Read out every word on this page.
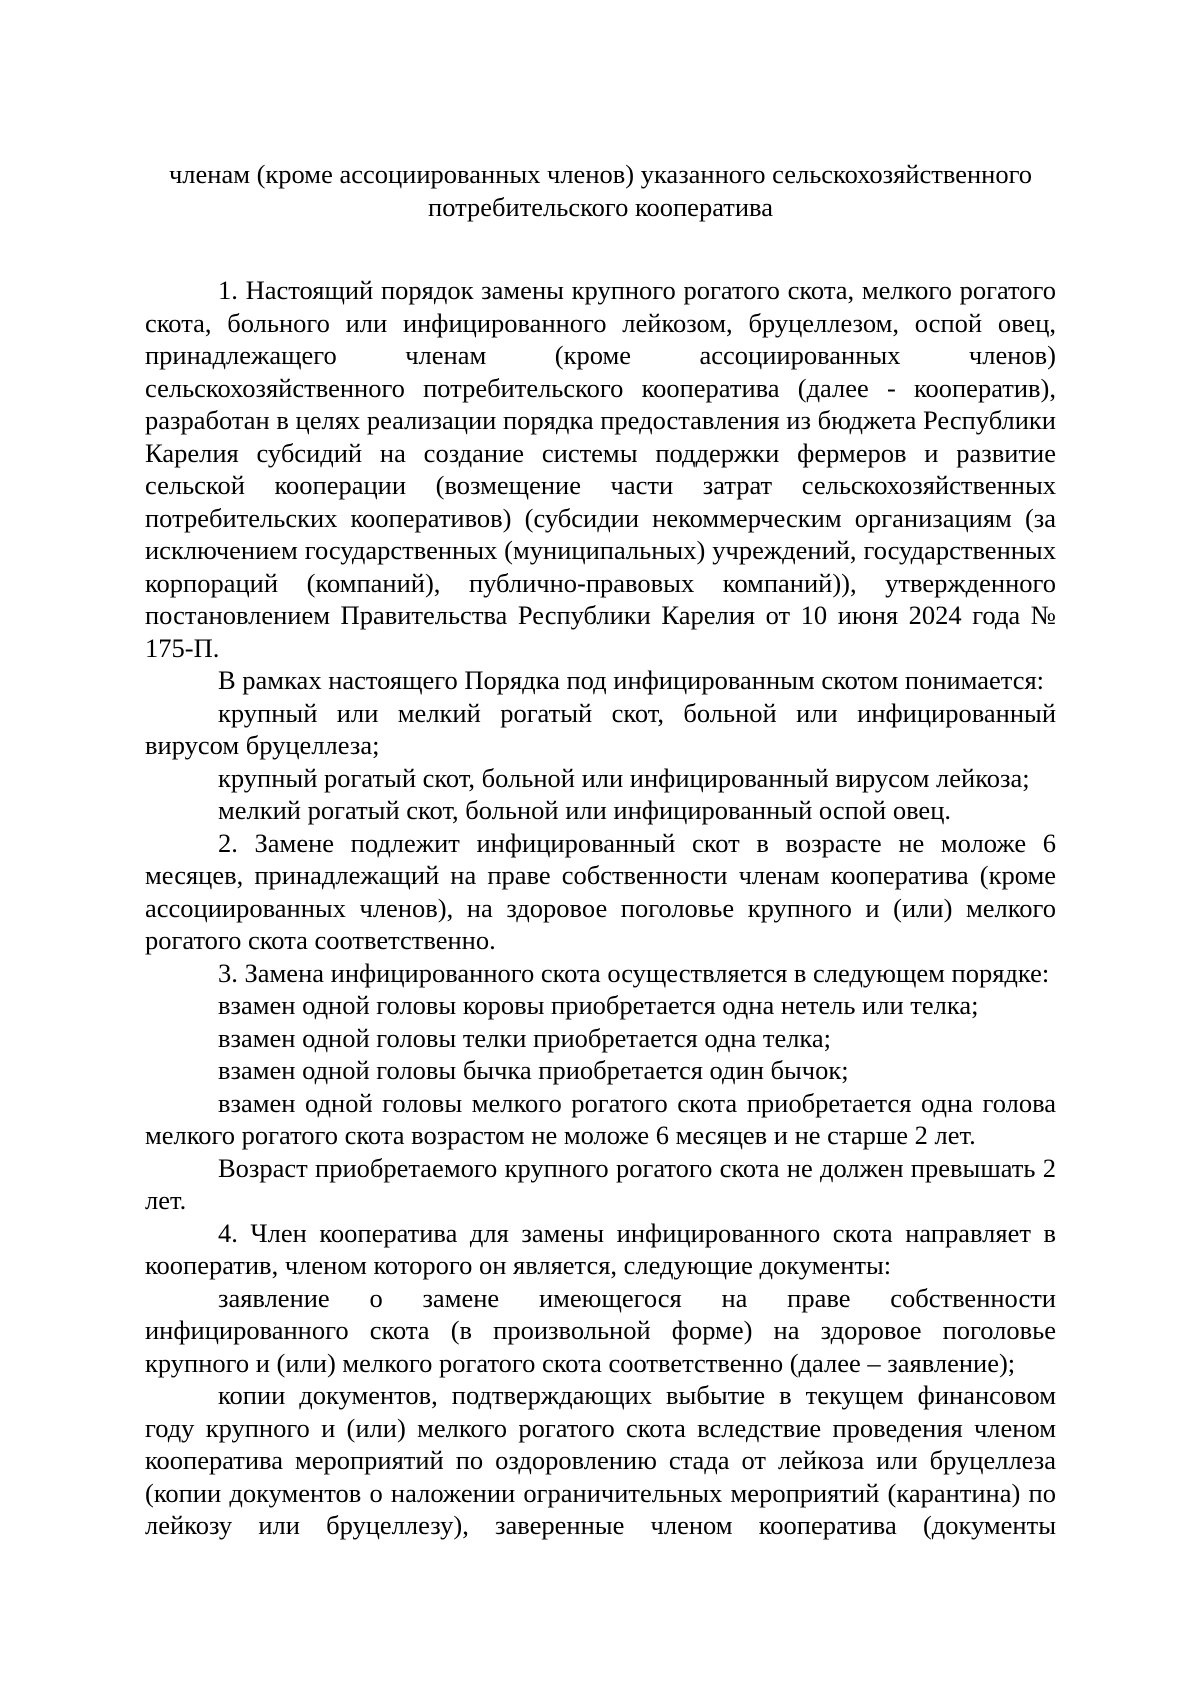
членам (кроме ассоциированных членов) указанного сельскохозяйственного
потребительского кооператива

1. Настоящий порядок замены крупного рогатого скота, мелкого рогатого скота, больного или инфицированного лейкозом, бруцеллезом, оспой овец, принадлежащего членам (кроме ассоциированных членов) сельскохозяйственного потребительского кооператива (далее - кооператив), разработан в целях реализации порядка предоставления из бюджета Республики Карелия субсидий на создание системы поддержки фермеров и развитие сельской кооперации (возмещение части затрат сельскохозяйственных потребительских кооперативов) (субсидии некоммерческим организациям (за исключением государственных (муниципальных) учреждений, государственных корпораций (компаний), публично-правовых компаний)), утвержденного постановлением Правительства Республики Карелия от 10 июня 2024 года № 175-П.

В рамках настоящего Порядка под инфицированным скотом понимается:

крупный или мелкий рогатый скот, больной или инфицированный вирусом бруцеллеза;

крупный рогатый скот, больной или инфицированный вирусом лейкоза;

мелкий рогатый скот, больной или инфицированный оспой овец.

2. Замене подлежит инфицированный скот в возрасте не моложе 6 месяцев, принадлежащий на праве собственности членам кооператива (кроме ассоциированных членов), на здоровое поголовье крупного и (или) мелкого рогатого скота соответственно.

3. Замена инфицированного скота осуществляется в следующем порядке:

взамен одной головы коровы приобретается одна нетель или телка;

взамен одной головы телки приобретается одна телка;

взамен одной головы бычка приобретается один бычок;

взамен одной головы мелкого рогатого скота приобретается одна голова мелкого рогатого скота возрастом не моложе 6 месяцев и не старше 2 лет.

Возраст приобретаемого крупного рогатого скота не должен превышать 2 лет.

4. Член кооператива для замены инфицированного скота направляет в кооператив, членом которого он является, следующие документы:

заявление о замене имеющегося на праве собственности инфицированного скота (в произвольной форме) на здоровое поголовье крупного и (или) мелкого рогатого скота соответственно (далее – заявление);

копии документов, подтверждающих выбытие в текущем финансовом году крупного и (или) мелкого рогатого скота вследствие проведения членом кооператива мероприятий по оздоровлению стада от лейкоза или бруцеллеза (копии документов о наложении ограничительных мероприятий (карантина) по лейкозу или бруцеллезу), заверенные членом кооператива (документы
